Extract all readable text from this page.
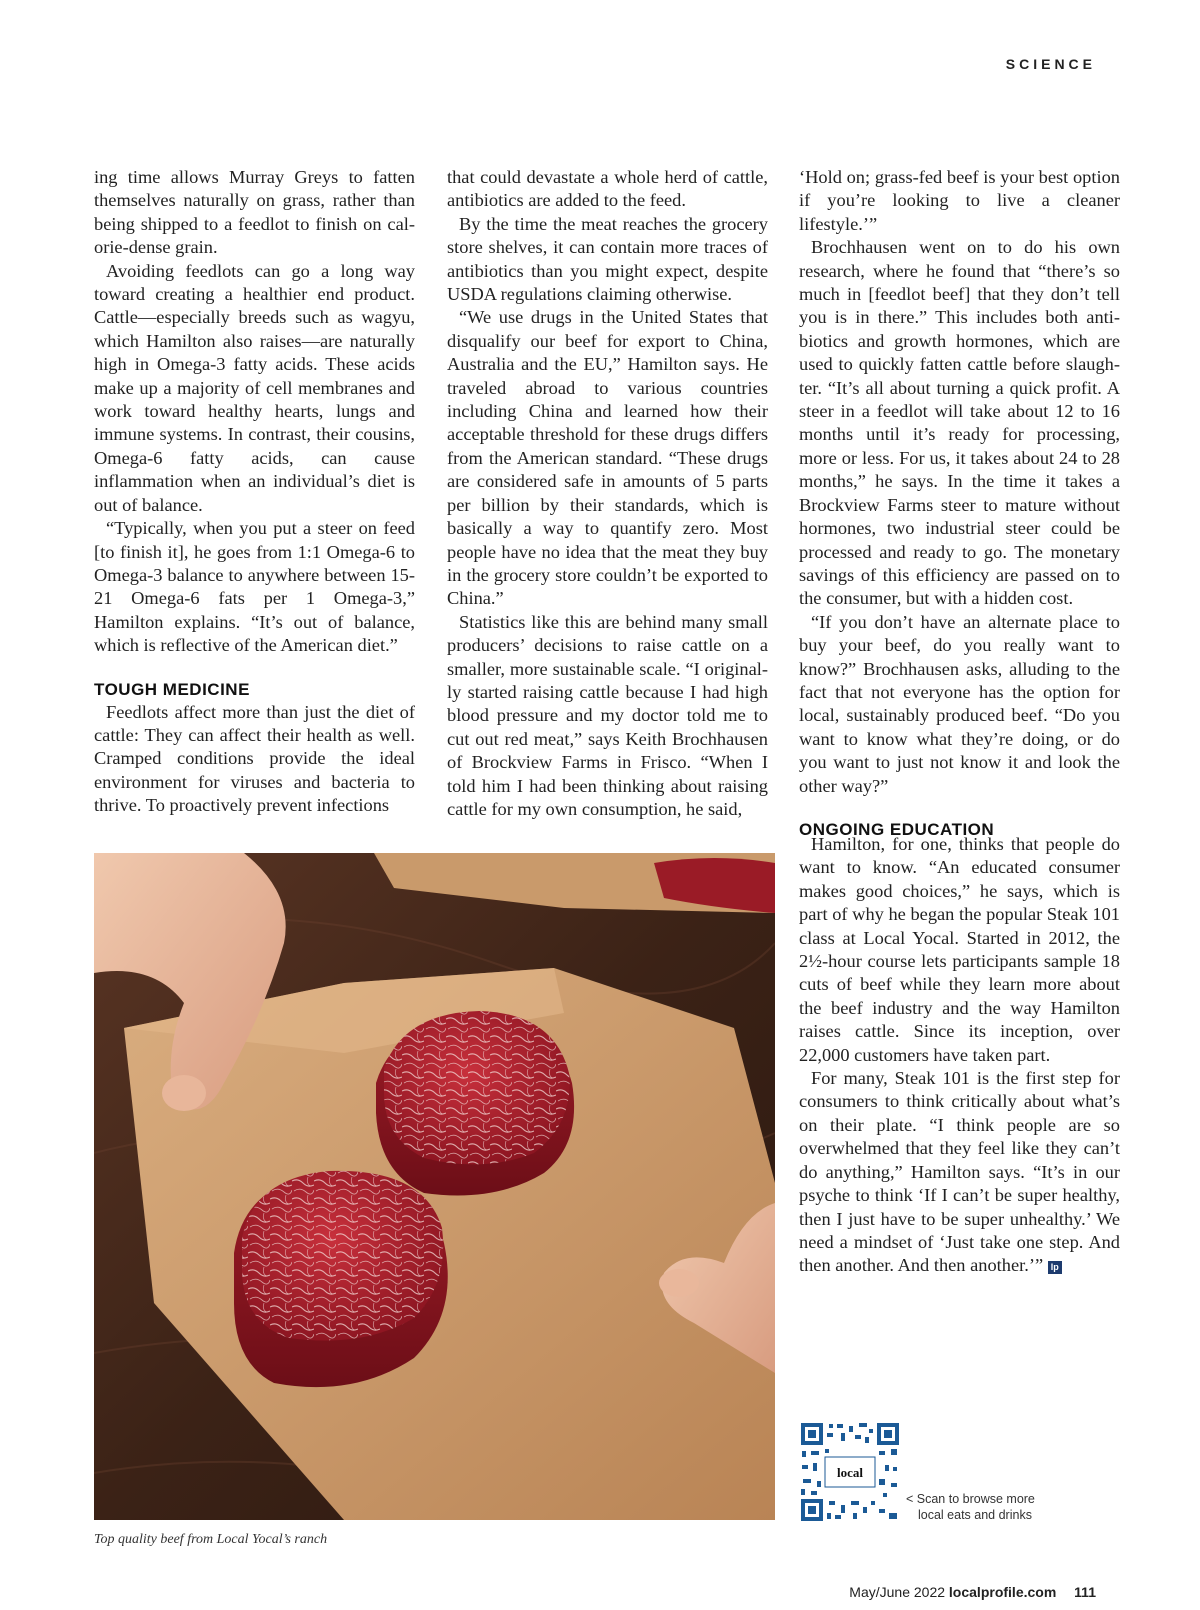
SCIENCE

ing time allows Murray Greys to fatten themselves naturally on grass, rather than being shipped to a feedlot to finish on calorie-dense grain.

Avoiding feedlots can go a long way toward creating a healthier end product. Cattle—especially breeds such as wagyu, which Hamilton also raises—are naturally high in Omega-3 fatty acids. These acids make up a majority of cell membranes and work toward healthy hearts, lungs and immune systems. In contrast, their cousins, Omega-6 fatty acids, can cause inflammation when an individual’s diet is out of balance.

“Typically, when you put a steer on feed [to finish it], he goes from 1:1 Omega-6 to Omega-3 balance to anywhere between 15-21 Omega-6 fats per 1 Omega-3,” Hamilton explains. “It’s out of balance, which is reflective of the American diet.”

TOUGH MEDICINE

Feedlots affect more than just the diet of cattle: They can affect their health as well. Cramped conditions provide the ideal environment for viruses and bacteria to thrive. To proactively prevent infections

that could devastate a whole herd of cattle, antibiotics are added to the feed.

By the time the meat reaches the grocery store shelves, it can contain more traces of antibiotics than you might expect, despite USDA regulations claiming otherwise.

“We use drugs in the United States that disqualify our beef for export to China, Australia and the EU,” Hamilton says. He traveled abroad to various countries including China and learned how their acceptable threshold for these drugs differs from the American standard. “These drugs are considered safe in amounts of 5 parts per billion by their standards, which is basically a way to quantify zero. Most people have no idea that the meat they buy in the grocery store couldn’t be exported to China.”

Statistics like this are behind many small producers’ decisions to raise cattle on a smaller, more sustainable scale. “I originally started raising cattle because I had high blood pressure and my doctor told me to cut out red meat,” says Keith Brochhausen of Brockview Farms in Frisco. “When I told him I had been thinking about raising cattle for my own consumption, he said,

‘Hold on; grass-fed beef is your best option if you’re looking to live a cleaner lifestyle.’”

Brochhausen went on to do his own research, where he found that “there’s so much in [feedlot beef] that they don’t tell you is in there.” This includes both antibiotics and growth hormones, which are used to quickly fatten cattle before slaughter. “It’s all about turning a quick profit. A steer in a feedlot will take about 12 to 16 months until it’s ready for processing, more or less. For us, it takes about 24 to 28 months,” he says. In the time it takes a Brockview Farms steer to mature without hormones, two industrial steer could be processed and ready to go. The monetary savings of this efficiency are passed on to the consumer, but with a hidden cost.

“If you don’t have an alternate place to buy your beef, do you really want to know?” Brochhausen asks, alluding to the fact that not everyone has the option for local, sustainably produced beef. “Do you want to know what they’re doing, or do you want to just not know it and look the other way?”

ONGOING EDUCATION

Hamilton, for one, thinks that people do want to know. “An educated consumer makes good choices,” he says, which is part of why he began the popular Steak 101 class at Local Yocal. Started in 2012, the 2½-hour course lets participants sample 18 cuts of beef while they learn more about the beef industry and the way Hamilton raises cattle. Since its inception, over 22,000 customers have taken part.

For many, Steak 101 is the first step for consumers to think critically about what’s on their plate. “I think people are so overwhelmed that they feel like they can’t do anything,” Hamilton says. “It’s in our psyche to think ‘If I can’t be super healthy, then I just have to be super unhealthy.’ We need a mindset of ‘Just take one step. And then another. And then another.’” lp

Top quality beef from Local Yocal’s ranch
local
< Scan to browse more
local eats and drinks
May/June 2022 localprofile.com 111
